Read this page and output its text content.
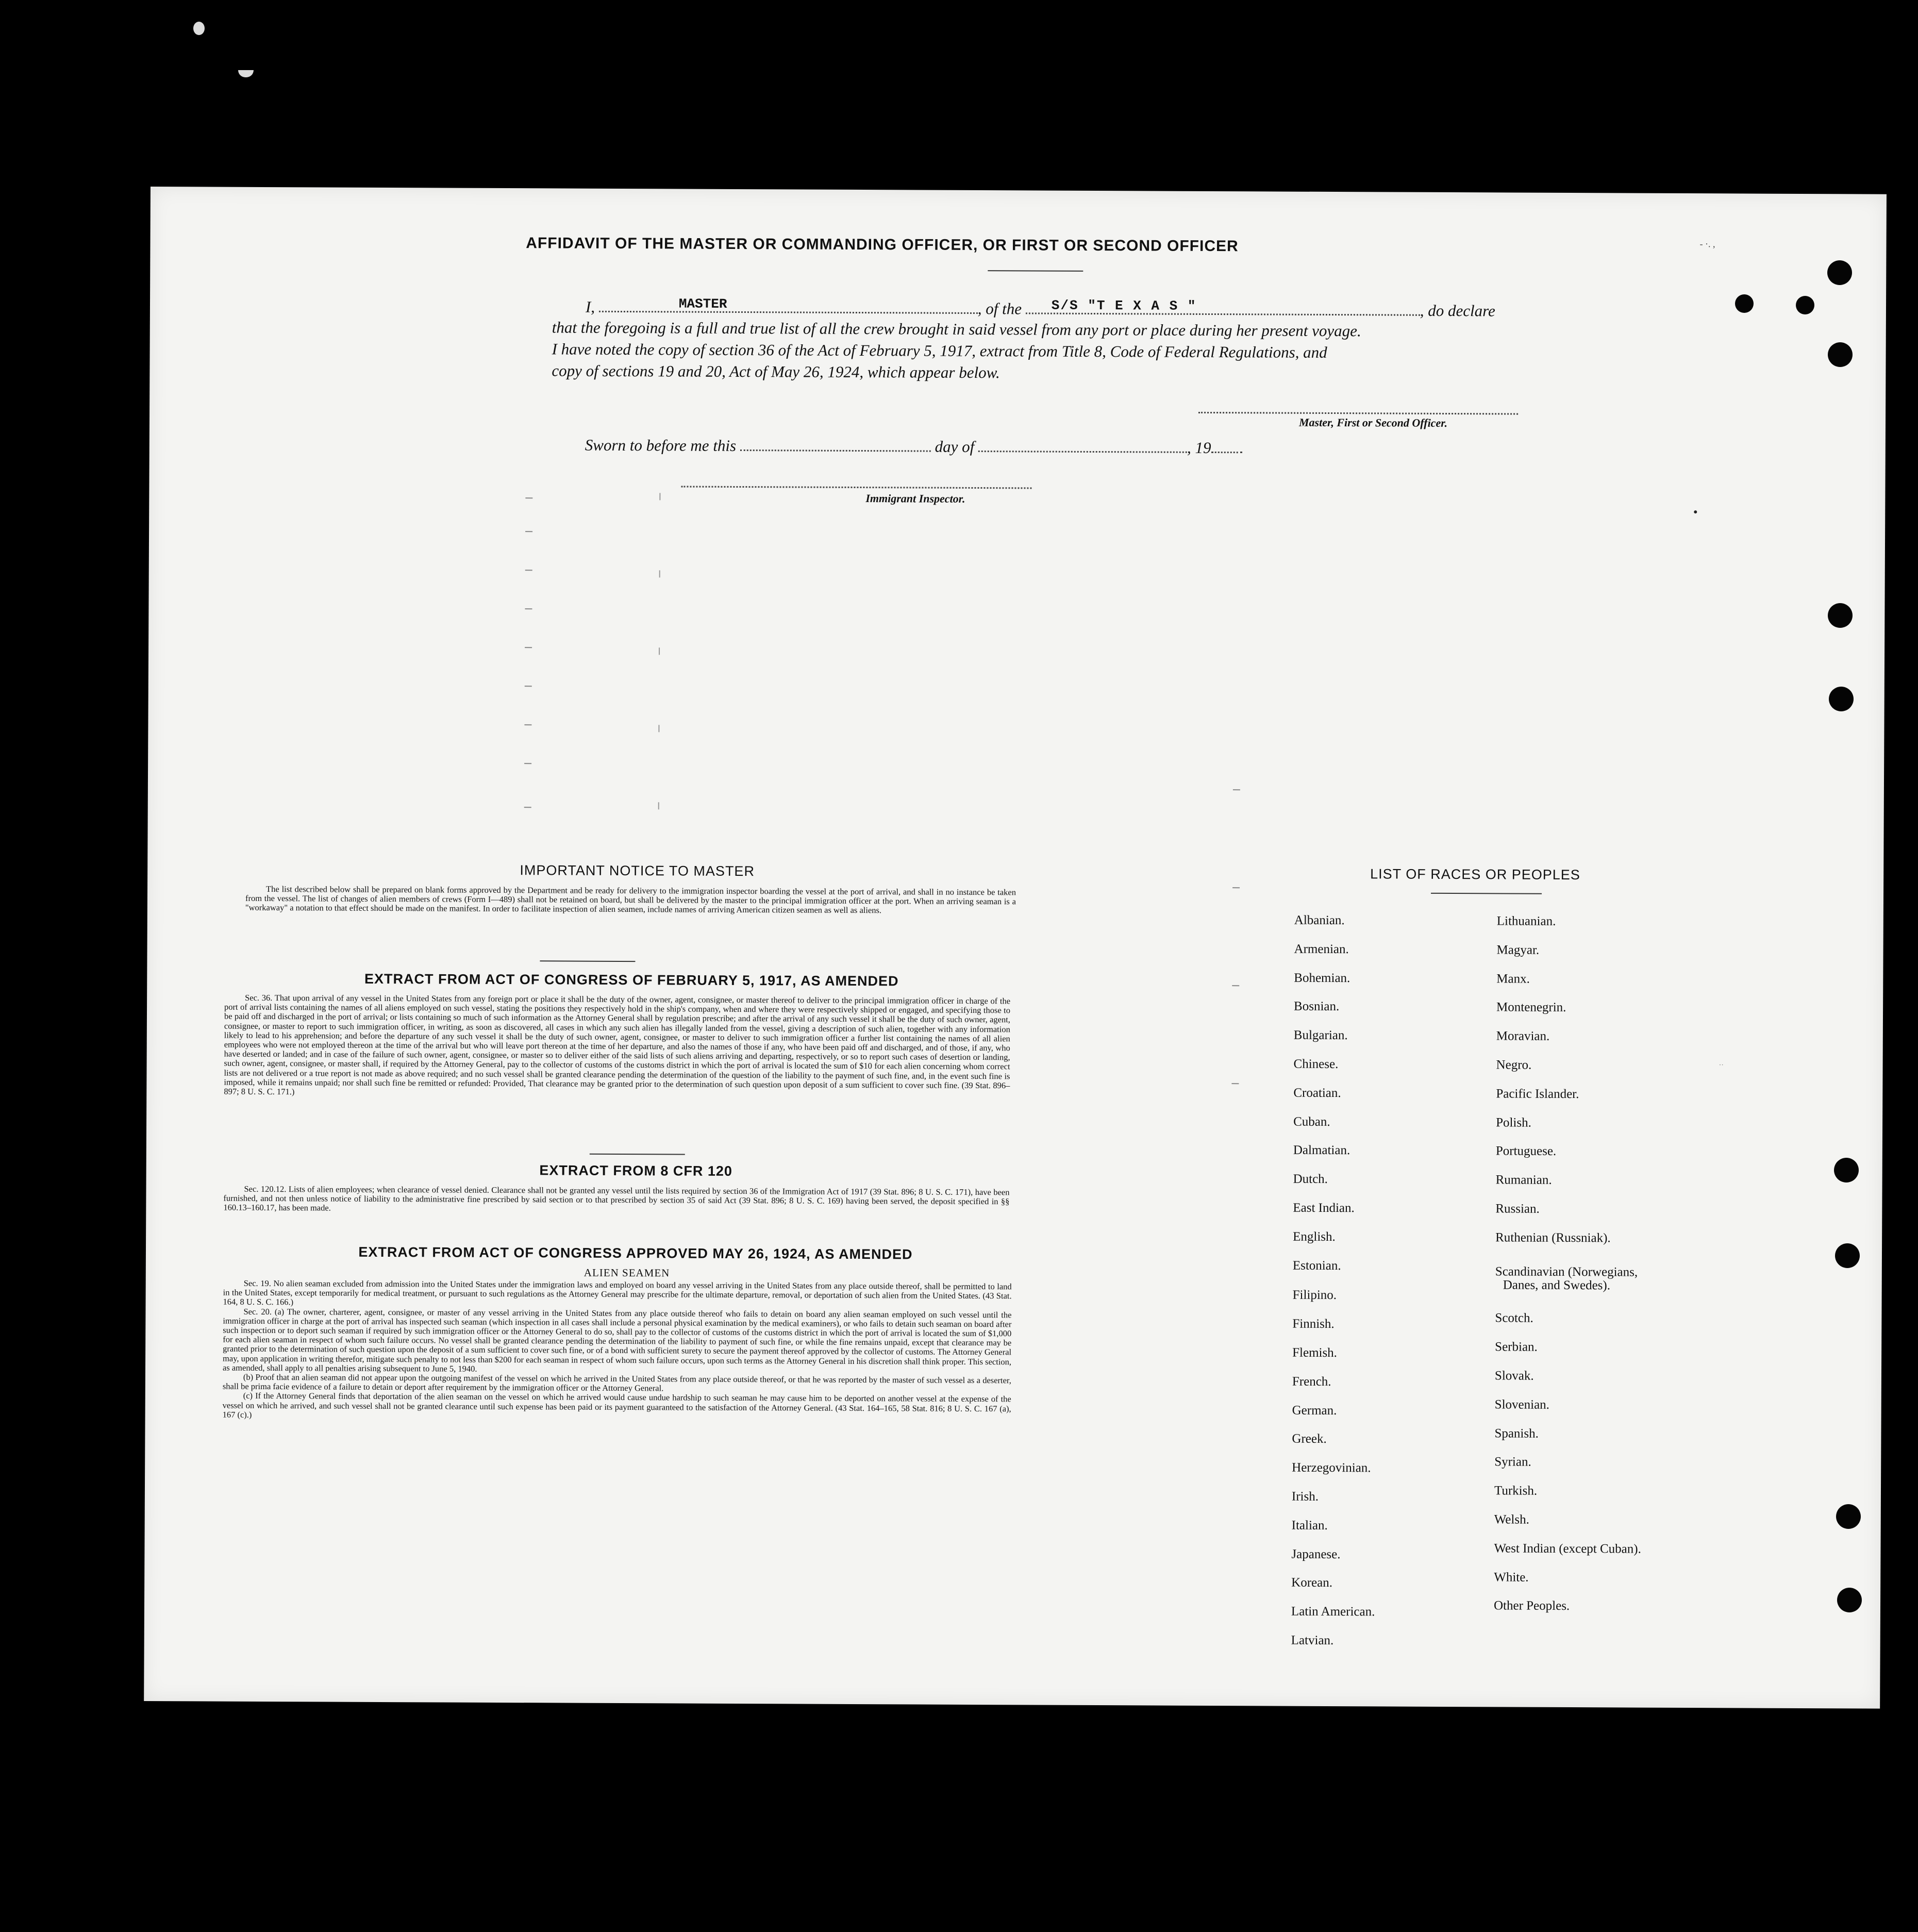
AFFIDAVIT OF THE MASTER OR COMMANDING OFFICER, OR FIRST OR SECOND OFFICER
I,	MASTER	, of the S/S "T E X A S "	, do declare
that the foregoing is a full and true list of all the crew brought in said vessel from any port or place during her present voyage.
I have noted the copy of section 36 of the Act of February 5, 1917, extract from Title 8, Code of Federal Regulations, and
copy of sections 19 and 20, Act of May 26, 1924, which appear below.
Master, First or Second Officer.
Sworn to before me this	day of	, 19
Immigrant Inspector.
IMPORTANT NOTICE TO MASTER

The list described below shall be prepared on blank forms approved by the Department and be ready for delivery to the immigration inspector boarding the vessel at the port of arrival, and shall in no instance be taken from the vessel. The list of changes of alien members of crews (Form I—489) shall not be retained on board, but shall be delivered by the master to the principal immigration officer at the port. When an arriving seaman is a "workaway" a notation to that effect should be made on the manifest. In order to facilitate inspection of alien seamen, include names of arriving American citizen seamen as well as aliens.

EXTRACT FROM ACT OF CONGRESS OF FEBRUARY 5, 1917, AS AMENDED

Sec. 36. That upon arrival of any vessel in the United States from any foreign port or place it shall be the duty of the owner, agent, consignee, or master thereof to deliver to the principal immigration officer in charge of the port of arrival lists containing the names of all aliens employed on such vessel, stating the positions they respectively hold in the ship's company, when and where they were respectively shipped or engaged, and specifying those to be paid off and discharged in the port of arrival; or lists containing so much of such information as the Attorney General shall by regulation prescribe; and after the arrival of any such vessel it shall be the duty of such owner, agent, consignee, or master to report to such immigration officer, in writing, as soon as discovered, all cases in which any such alien has illegally landed from the vessel, giving a description of such alien, together with any information likely to lead to his apprehension; and before the departure of any such vessel it shall be the duty of such owner, agent, consignee, or master to deliver to such immigration officer a further list containing the names of all alien employees who were not employed thereon at the time of the arrival but who will leave port thereon at the time of her departure, and also the names of those if any, who have been paid off and discharged, and of those, if any, who have deserted or landed; and in case of the failure of such owner, agent, consignee, or master so to deliver either of the said lists of such aliens arriving and departing, respectively, or so to report such cases of desertion or landing, such owner, agent, consignee, or master shall, if required by the Attorney General, pay to the collector of customs of the customs district in which the port of arrival is located the sum of $10 for each alien concerning whom correct lists are not delivered or a true report is not made as above required; and no such vessel shall be granted clearance pending the determination of the question of the liability to the payment of such fine, and, in the event such fine is imposed, while it remains unpaid; nor shall such fine be remitted or refunded: Provided, That clearance may be granted prior to the determination of such question upon deposit of a sum sufficient to cover such fine. (39 Stat. 896–897; 8 U. S. C. 171.)

EXTRACT FROM 8 CFR 120

Sec. 120.12. Lists of alien employees; when clearance of vessel denied. Clearance shall not be granted any vessel until the lists required by section 36 of the Immigration Act of 1917 (39 Stat. 896; 8 U. S. C. 171), have been furnished, and not then unless notice of liability to the administrative fine prescribed by said section or to that prescribed by section 35 of said Act (39 Stat. 896; 8 U. S. C. 169) having been served, the deposit specified in §§ 160.13–160.17, has been made.

EXTRACT FROM ACT OF CONGRESS APPROVED MAY 26, 1924, AS AMENDED
ALIEN SEAMEN

Sec. 19. No alien seaman excluded from admission into the United States under the immigration laws and employed on board any vessel arriving in the United States from any place outside thereof, shall be permitted to land in the United States, except temporarily for medical treatment, or pursuant to such regulations as the Attorney General may prescribe for the ultimate departure, removal, or deportation of such alien from the United States. (43 Stat. 164, 8 U. S. C. 166.)

Sec. 20. (a) The owner, charterer, agent, consignee, or master of any vessel arriving in the United States from any place outside thereof who fails to detain on board any alien seaman employed on such vessel until the immigration officer in charge at the port of arrival has inspected such seaman (which inspection in all cases shall include a personal physical examination by the medical examiners), or who fails to detain such seaman on board after such inspection or to deport such seaman if required by such immigration officer or the Attorney General to do so, shall pay to the collector of customs of the customs district in which the port of arrival is located the sum of $1,000 for each alien seaman in respect of whom such failure occurs. No vessel shall be granted clearance pending the determination of the liability to payment of such fine, or while the fine remains unpaid, except that clearance may be granted prior to the determination of such question upon the deposit of a sum sufficient to cover such fine, or of a bond with sufficient surety to secure the payment thereof approved by the collector of customs. The Attorney General may, upon application in writing therefor, mitigate such penalty to not less than $200 for each seaman in respect of whom such failure occurs, upon such terms as the Attorney General in his discretion shall think proper. This section, as amended, shall apply to all penalties arising subsequent to June 5, 1940.

(b) Proof that an alien seaman did not appear upon the outgoing manifest of the vessel on which he arrived in the United States from any place outside thereof, or that he was reported by the master of such vessel as a deserter, shall be prima facie evidence of a failure to detain or deport after requirement by the immigration officer or the Attorney General.

(c) If the Attorney General finds that deportation of the alien seaman on the vessel on which he arrived would cause undue hardship to such seaman he may cause him to be deported on another vessel at the expense of the vessel on which he arrived, and such vessel shall not be granted clearance until such expense has been paid or its payment guaranteed to the satisfaction of the Attorney General. (43 Stat. 164–165, 58 Stat. 816; 8 U. S. C. 167 (a), 167 (c).)

LIST OF RACES OR PEOPLES
Albanian.
Armenian.
Bohemian.
Bosnian.
Bulgarian.
Chinese.
Croatian.
Cuban.
Dalmatian.
Dutch.
East Indian.
English.
Estonian.
Filipino.
Finnish.
Flemish.
French.
German.
Greek.
Herzegovinian.
Irish.
Italian.
Japanese.
Korean.
Latin American.
Latvian.
Lithuanian.
Magyar.
Manx.
Montenegrin.
Moravian.
Negro.
Pacific Islander.
Polish.
Portuguese.
Rumanian.
Russian.
Ruthenian (Russniak).
Scandinavian (Norwegians,
Danes, and Swedes).
Scotch.
Serbian.
Slovak.
Slovenian.
Spanish.
Syrian.
Turkish.
Welsh.
West Indian (except Cuban).
White.
Other Peoples.
- ·. ,
··
